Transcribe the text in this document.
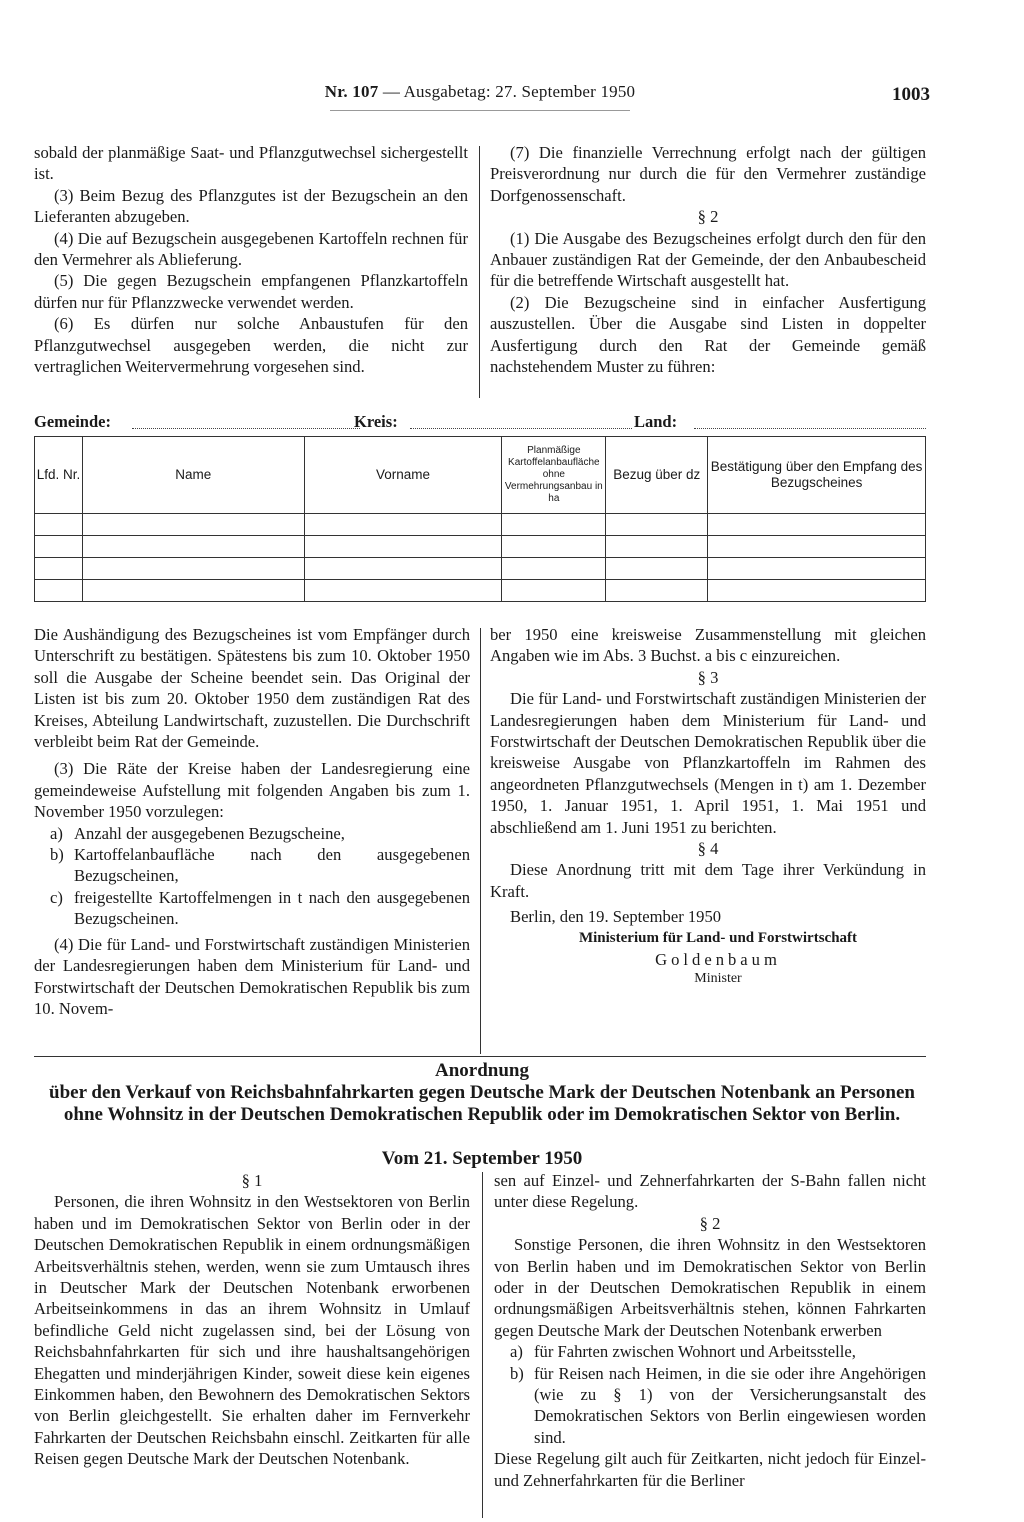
Nr. 107 — Ausgabetag: 27. September 1950	1003

sobald der planmäßige Saat- und Pflanzgutwechsel sichergestellt ist.

(3) Beim Bezug des Pflanzgutes ist der Bezugschein an den Lieferanten abzugeben.

(4) Die auf Bezugschein ausgegebenen Kartoffeln rechnen für den Vermehrer als Ablieferung.

(5) Die gegen Bezugschein empfangenen Pflanzkartoffeln dürfen nur für Pflanzzwecke verwendet werden.

(6) Es dürfen nur solche Anbaustufen für den Pflanzgutwechsel ausgegeben werden, die nicht zur vertraglichen Weitervermehrung vorgesehen sind.

(7) Die finanzielle Verrechnung erfolgt nach der gültigen Preisverordnung nur durch die für den Vermehrer zuständige Dorfgenossenschaft.

§ 2

(1) Die Ausgabe des Bezugscheines erfolgt durch den für den Anbauer zuständigen Rat der Gemeinde, der den Anbaubescheid für die betreffende Wirtschaft ausgestellt hat.

(2) Die Bezugscheine sind in einfacher Ausfertigung auszustellen. Über die Ausgabe sind Listen in doppelter Ausfertigung durch den Rat der Gemeinde gemäß nachstehendem Muster zu führen:

Gemeinde:	Kreis:	Land:
Lfd. Nr.	Name	Vorname	Planmäßige Kartoffelanbaufläche ohne Vermehrungsanbau in ha	Bezug über dz	Bestätigung über den Empfang des Bezugscheines

Die Aushändigung des Bezugscheines ist vom Empfänger durch Unterschrift zu bestätigen. Spätestens bis zum 10. Oktober 1950 soll die Ausgabe der Scheine beendet sein. Das Original der Listen ist bis zum 20. Oktober 1950 dem zuständigen Rat des Kreises, Abteilung Landwirtschaft, zuzustellen. Die Durchschrift verbleibt beim Rat der Gemeinde.

(3) Die Räte der Kreise haben der Landesregierung eine gemeindeweise Aufstellung mit folgenden Angaben bis zum 1. November 1950 vorzulegen:

a) Anzahl der ausgegebenen Bezugscheine,
b) Kartoffelanbaufläche nach den ausgegebenen Bezugscheinen,
c) freigestellte Kartoffelmengen in t nach den ausgegebenen Bezugscheinen.

(4) Die für Land- und Forstwirtschaft zuständigen Ministerien der Landesregierungen haben dem Ministerium für Land- und Forstwirtschaft der Deutschen Demokratischen Republik bis zum 10. Novem-

ber 1950 eine kreisweise Zusammenstellung mit gleichen Angaben wie im Abs. 3 Buchst. a bis c einzureichen.

§ 3

Die für Land- und Forstwirtschaft zuständigen Ministerien der Landesregierungen haben dem Ministerium für Land- und Forstwirtschaft der Deutschen Demokratischen Republik über die kreisweise Ausgabe von Pflanzkartoffeln im Rahmen des angeordneten Pflanzgutwechsels (Mengen in t) am 1. Dezember 1950, 1. Januar 1951, 1. April 1951, 1. Mai 1951 und abschließend am 1. Juni 1951 zu berichten.

§ 4

Diese Anordnung tritt mit dem Tage ihrer Verkündung in Kraft.

Berlin, den 19. September 1950

Ministerium für Land- und Forstwirtschaft

Goldenbaum

Minister

Anordnung
über den Verkauf von Reichsbahnfahrkarten gegen Deutsche Mark der Deutschen Notenbank an Personen ohne Wohnsitz in der Deutschen Demokratischen Republik oder im Demokratischen Sektor von Berlin.
Vom 21. September 1950

§ 1

Personen, die ihren Wohnsitz in den Westsektoren von Berlin haben und im Demokratischen Sektor von Berlin oder in der Deutschen Demokratischen Republik in einem ordnungsmäßigen Arbeitsverhältnis stehen, werden, wenn sie zum Umtausch ihres in Deutscher Mark der Deutschen Notenbank erworbenen Arbeitseinkommens in das an ihrem Wohnsitz in Umlauf befindliche Geld nicht zugelassen sind, bei der Lösung von Reichsbahnfahrkarten für sich und ihre haushaltsangehörigen Ehegatten und minderjährigen Kinder, soweit diese kein eigenes Einkommen haben, den Bewohnern des Demokratischen Sektors von Berlin gleichgestellt. Sie erhalten daher im Fernverkehr Fahrkarten der Deutschen Reichsbahn einschl. Zeitkarten für alle Reisen gegen Deutsche Mark der Deutschen Notenbank.

sen auf Einzel- und Zehnerfahrkarten der S-Bahn fallen nicht unter diese Regelung.

§ 2

Sonstige Personen, die ihren Wohnsitz in den Westsektoren von Berlin haben und im Demokratischen Sektor von Berlin oder in der Deutschen Demokratischen Republik in einem ordnungsmäßigen Arbeitsverhältnis stehen, können Fahrkarten gegen Deutsche Mark der Deutschen Notenbank erwerben

a) für Fahrten zwischen Wohnort und Arbeitsstelle,
b) für Reisen nach Heimen, in die sie oder ihre Angehörigen (wie zu § 1) von der Versicherungsanstalt des Demokratischen Sektors von Berlin eingewiesen worden sind.

Diese Regelung gilt auch für Zeitkarten, nicht jedoch für Einzel- und Zehnerfahrkarten für die Berliner
